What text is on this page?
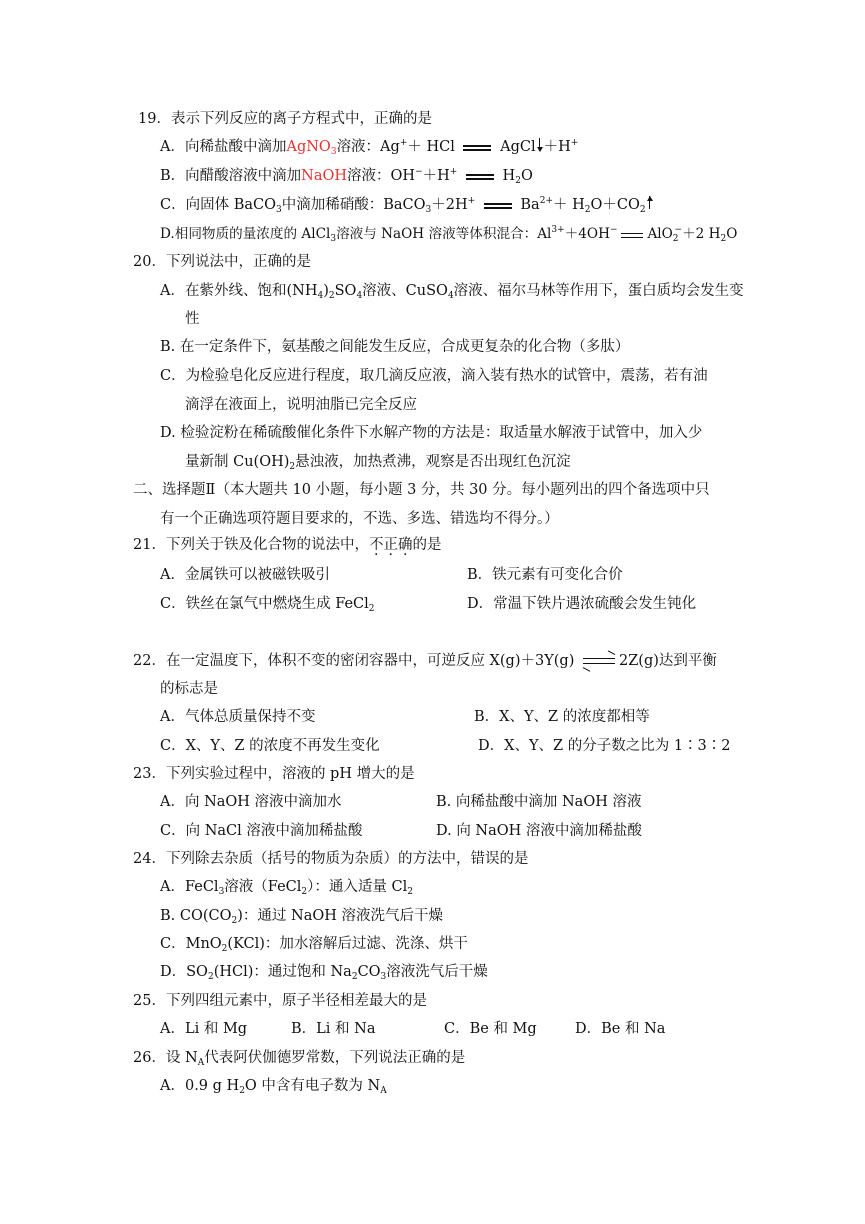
19．表示下列反应的离子方程式中，正确的是
A．向稀盐酸中滴加AgNO$_3$溶液：Ag+＋ HCl	AgCl ＋H+
B．向醋酸溶液中滴加NaOH溶液：OH−＋H+	$H_2O$
C．向固体 BaCO$_3$中滴加稀硝酸：BaCO$_3$＋2H+	$Ba^{2+}+ H_2O+CO_2$
D.相同物质的量浓度的 AlCl$_3$溶液与 NaOH 溶液等体积混合：$Al^{3+}+4OH^-$ AlO$_2$−＋2 $H_2O$
20．下列说法中，正确的是
A．在紫外线、饱和$(NH_4)_2SO_4$溶液、CuSO$_4$溶液、福尔马林等作用下，蛋白质均会发生变
性
B. 在一定条件下，氨基酸之间能发生反应，合成更复杂的化合物（多肽）
C．为检验皂化反应进行程度，取几滴反应液，滴入装有热水的试管中，震荡，若有油
滴浮在液面上，说明油脂已完全反应
D. 检验淀粉在稀硫酸催化条件下水解产物的方法是：取适量水解液于试管中，加入少
量新制 $Cu(OH)_2$悬浊液，加热煮沸，观察是否出现红色沉淀
二、选择题Ⅱ（本大题共 10 小题，每小题 3 分，共 30 分。每小题列出的四个备选项中只
有一个正确选项符题目要求的，不选、多选、错选均不得分。）
21．下列关于铁及化合物的说法中，不正确的是
A．金属铁可以被磁铁吸引	B．铁元素有可变化合价
C．铁丝在氯气中燃烧生成 FeCl$_2$	D．常温下铁片遇浓硫酸会发生钝化
22．在一定温度下，体积不变的密闭容器中，可逆反应 X(g)＋3Y(g)	2Z(g)达到平衡
的标志是
A．气体总质量保持不变	B．X、Y、Z 的浓度都相等
C．X、Y、Z 的浓度不再发生变化	D．X、Y、Z 的分子数之比为 1∶3∶2
23．下列实验过程中，溶液的 pH 增大的是
A．向 NaOH 溶液中滴加水	B. 向稀盐酸中滴加 NaOH 溶液
C．向 NaCl 溶液中滴加稀盐酸	D. 向 NaOH 溶液中滴加稀盐酸
24．下列除去杂质（括号的物质为杂质）的方法中，错误的是
A．FeCl$_3$溶液（FeCl$_2$）：通入适量 $Cl_2$
B. $CO(CO_2)$：通过 NaOH 溶液洗气后干燥
C．MnO$_2$(KCl)：加水溶解后过滤、洗涤、烘干
D．$SO_2(HCl)$：通过饱和 $Na_2CO_3$溶液洗气后干燥
25．下列四组元素中，原子半径相差最大的是
A．Li 和 Mg	B．Li 和 Na	C．Be 和 Mg	D．Be 和 Na
26．设 $N_A$代表阿伏伽德罗常数，下列说法正确的是
A．0.9 g $H_2O$ 中含有电子数为 $N_A$
